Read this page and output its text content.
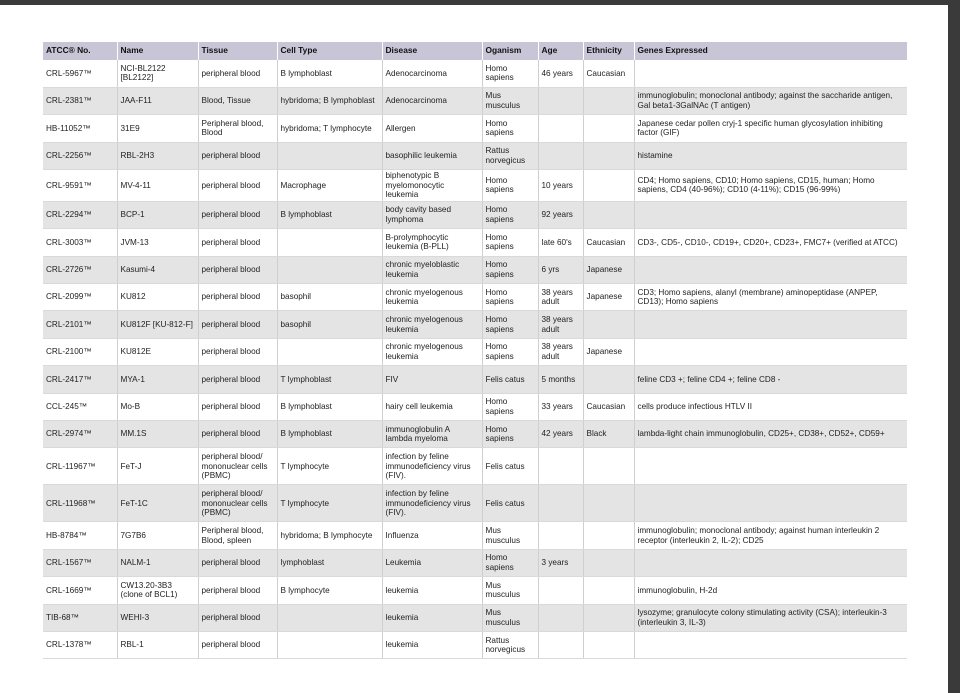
ATCC® No.	Name	Tissue	Cell Type	Disease	Oganism	Age	Ethnicity	Genes Expressed
CRL-5967™	NCI-BL2122 [BL2122]	peripheral blood	B lymphoblast	Adenocarcinoma	Homo sapiens	46 years	Caucasian	
CRL-2381™	JAA-F11	Blood, Tissue	hybridoma; B lymphoblast	Adenocarcinoma	Mus musculus			immunoglobulin; monoclonal antibody; against the saccharide antigen, Gal beta1-3GalNAc (T antigen)
HB-11052™	31E9	Peripheral blood, Blood	hybridoma; T lymphocyte	Allergen	Homo sapiens			Japanese cedar pollen cryj-1 specific human glycosylation inhibiting factor (GIF)
CRL-2256™	RBL-2H3	peripheral blood		basophilic leukemia	Rattus norvegicus			histamine
CRL-9591™	MV-4-11	peripheral blood	Macrophage	biphenotypic B myelomonocytic leukemia	Homo sapiens	10 years		CD4; Homo sapiens, CD10; Homo sapiens, CD15, human; Homo sapiens, CD4 (40-96%); CD10 (4-11%); CD15 (96-99%)
CRL-2294™	BCP-1	peripheral blood	B lymphoblast	body cavity based lymphoma	Homo sapiens	92 years		
CRL-3003™	JVM-13	peripheral blood		B-prolymphocytic leukemia (B-PLL)	Homo sapiens	late 60's	Caucasian	CD3-, CD5-, CD10-, CD19+, CD20+, CD23+, FMC7+ (verified at ATCC)
CRL-2726™	Kasumi-4	peripheral blood		chronic myeloblastic leukemia	Homo sapiens	6 yrs	Japanese	
CRL-2099™	KU812	peripheral blood	basophil	chronic myelogenous leukemia	Homo sapiens	38 years adult	Japanese	CD3; Homo sapiens, alanyl (membrane) aminopeptidase (ANPEP, CD13); Homo sapiens
CRL-2101™	KU812F [KU-812-F]	peripheral blood	basophil	chronic myelogenous leukemia	Homo sapiens	38 years adult		
CRL-2100™	KU812E	peripheral blood		chronic myelogenous leukemia	Homo sapiens	38 years adult	Japanese	
CRL-2417™	MYA-1	peripheral blood	T lymphoblast	FIV	Felis catus	5 months		feline CD3 +; feline CD4 +; feline CD8 -
CCL-245™	Mo-B	peripheral blood	B lymphoblast	hairy cell leukemia	Homo sapiens	33 years	Caucasian	cells produce infectious HTLV II
CRL-2974™	MM.1S	peripheral blood	B lymphoblast	immunoglobulin A lambda myeloma	Homo sapiens	42 years	Black	lambda-light chain immunoglobulin, CD25+, CD38+, CD52+, CD59+
CRL-11967™	FeT-J	peripheral blood/ mononuclear cells (PBMC)	T lymphocyte	infection by feline immunodeficiency virus (FIV).	Felis catus			
CRL-11968™	FeT-1C	peripheral blood/ mononuclear cells (PBMC)	T lymphocyte	infection by feline immunodeficiency virus (FIV).	Felis catus			
HB-8784™	7G7B6	Peripheral blood, Blood, spleen	hybridoma; B lymphocyte	Influenza	Mus musculus			immunoglobulin; monoclonal antibody; against human interleukin 2 receptor (interleukin 2, IL-2); CD25
CRL-1567™	NALM-1	peripheral blood	lymphoblast	Leukemia	Homo sapiens	3 years		
CRL-1669™	CW13.20-3B3 (clone of BCL1)	peripheral blood	B lymphocyte	leukemia	Mus musculus			immunoglobulin, H-2d
TIB-68™	WEHI-3	peripheral blood		leukemia	Mus musculus			lysozyme; granulocyte colony stimulating activity (CSA); interleukin-3 (interleukin 3, IL-3)
CRL-1378™	RBL-1	peripheral blood		leukemia	Rattus norvegicus			
